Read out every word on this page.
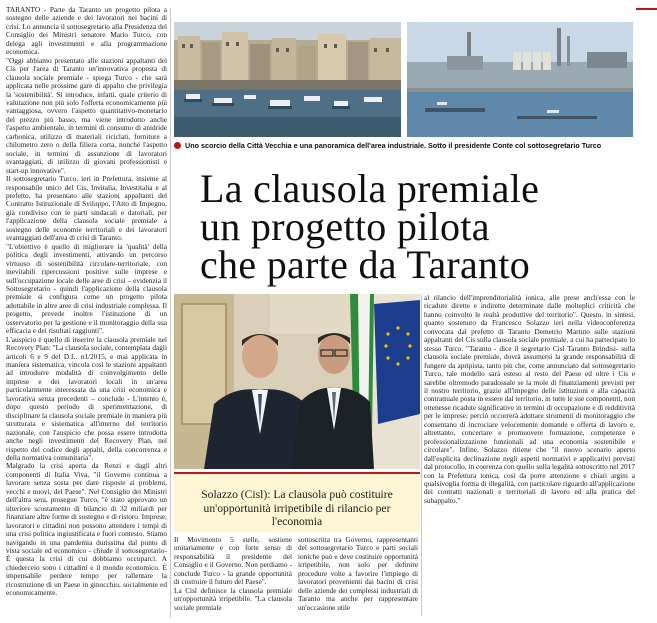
TARANTO - Parte da Taranto un progetto pilota a sostegno delle aziende e dei lavoratori nei bacini di crisi. Lo annuncia il sottosegretario alla Presidenza del Consiglio dei Ministri senatore Mario Turco, con delega agli investimenti e alla programmazione economica.

"Oggi abbiamo presentato alle stazioni appaltanti del Cis per l'area di Taranto un'innovativa proposta di clausola sociale premiale - spiega Turco - che sarà applicata nelle prossime gare di appalto che privilegia la 'sostenibilità'. Si introduce, infatti, quale criterio di valutazione non più solo l'offerta economicamente più vantaggiosa, ovvero l'aspetto quantitativo-monetario del prezzo più basso, ma viene introdotto anche l'aspetto ambientale, in termini di consumo di anidride carbonica, utilizzo di materiali riciclati, forniture a chilometro zero o della filiera corta, nonché l'aspetto sociale, in termini di assunzione di lavoratori svantaggiati, di utilizzo di giovani professionisti e start-up innovative".

Il sottosegretario Turco, ieri in Prefettura, insieme al responsabile unico del Cis, Invitalia, Investitalia e al prefetto, ha presentato alle stazioni appaltanti del Contratto Istituzionale di Sviluppo, l'Atto di Impegno, già condiviso con le parti sindacali e datoriali, per l'applicazione della clausola sociale premiale a sostegno delle economie territoriali e dei lavoratori svantaggiati dell'area di crisi di Taranto.

"L'obiettivo è quello di migliorare la 'qualità' della politica degli investimenti, attivando un percorso virtuoso di sostenibilità circolare-territoriale, con inevitabili ripercussioni positive sulle imprese e sull'occupazione locale delle aree di crisi – evidenzia il Sottosegretario - quindi l'applicazione della clausola premiale si configura come un progetto pilota adottabile in altre aree di crisi industriale complessa. Il progetto, prevede inoltre l'istituzione di un osservatorio per la gestione e il monitoraggio della sua efficacia e dei risultati raggiunti".

L'auspicio è quello di inserire la clausola premiale nel Recovery Plan: "La clausola sociale, contemplata dagli articoli 6 e 9 del D.L. n1/2015, e mai applicata in maniera sistematica, vincola così le stazioni appaltanti ad introdurre modalità di coinvolgimento delle imprese e dei lavoratori locali in un'area particolarmente interessata da una crisi economica e lavorativa senza precedenti – conclude - L'intento è, dopo questo periodo di sperimentazione, di disciplinare la clausola sociale premiale in maniera più strutturata e sistematica all'interno del territorio nazionale, con l'auspicio che possa essere introdotta anche negli investimenti del Recovery Plan, nel rispetto del codice degli appalti, della concorrenza e della normativa comunitaria".

Malgrado la crisi aperta da Renzi e dagli altri componenti di Italia Viva, "il Governo continua a lavorare senza sosta per dare risposte ai problemi, vecchi e nuovi, del Paese". Nel Consiglio dei Ministri dell'altra sera, prosegue Turco, "è stato approvato un ulteriore scostamento di bilancio di 32 miliardi per finanziare altre forme di sostegno e di ristoro. Imprese, lavoratori e cittadini non possono attendere i tempi di una crisi politica ingiustificata e fuori contesto. Stiamo navigando in una pandemia durissima dal punto di vista sociale ed economico - chiude il sottosegretario- È questa la crisi di cui dobbiamo occuparci. A chiederceio sono i cittadini e il mondo economico. È impensabile perdere tempo per rallentare la ricostruzione di un Paese in ginocchio, socialmente ed economicamente.

Uno scorcio della Città Vecchia e una panoramica dell'area industriale. Sotto il presidente Conte col sottosegretario Turco
La clausola premiale
un progetto pilota
che parte da Taranto
Solazzo (Cisl): La clausola può costituire un'opportunità irripetibile di rilancio per l'economia

Il Movimento 5 stelle, sostiene unitariamente e con forte senso di responsabilità il presidente del Consiglio e il Governo. Non perdiamo - conclude Turco - la grande opportunità di costruire il futuro del Paese".

La Cisl definisce la clausola premiale un'opportunità irripetibile. "La clausola sociale premiale

sottoscritta tra Governo, rappresentanti del sottosegretario Turco e parti sociali ioniche può e deve costituire opportunità irripetibile, non solo per definire procedure volte a favorire l'impiego di lavoratori provenienti dai bacini di crisi delle aziende dei complessi industriali di Taranto ma anche per rappresentare un'occasione utile

al rilancio dell'imprenditorialità ionica, alle prese anch'essa con le ricadute dirette e indirette determinate dalle molteplici criticità che hanno coinvolto le realtà produttive del territorio". Questo, in sintesi, quanto sostenuto da Francesco Solazzo ieri nella videoconferenza convocata dal prefetto di Taranto Demetrio Martino sulle stazioni appaltanti del Cis sulla clausola sociale premiale, a cui ha partecipato lo stesso Turco. "Taranto - dice il segretario Cisl Taranto Brindisi- sulla clausola sociale premiale, dovrà assumersi la grande responsabilità di fungere da apripista, tanto più che, come annunciato dal sottosegretario Turco, tale modello sarà esteso al resto del Paese ed oltre i Cis e sarebbe oltremodo paradossale se la mole di finanziamenti previsti per il nostro territorio, grazie all'impegno delle istituzioni e alla capacità contrattuale posta in essere dal territorio, in tutte le sue componenti, non ottenesse ricadute significative in termini di occupazione e di redditività per le imprese; perciò occorrerà adottare strumenti di monitoraggio che consentano di incrociare velocemente domande e offerta di lavoro e, altrettanto, concertare e promuovere formazione, competenze e professionalizzazione funzionali ad una economia sostenibile e circolare". Infine, Solazzo ritiene che "il nuovo scenario aperto dall'esplicita declinazione negli aspetti normativi e applicativi previsti dal protocollo, in coerenza con quello sulla legalità sottoscritto nel 2017 con la Prefettura ionica, così da porre attenzione e chiari argini a qualsivoglia forma di illegalità, con particolare riguardo all'applicazione dei contratti nazionali e territoriali di lavoro ed alla pratica del subappalto."
